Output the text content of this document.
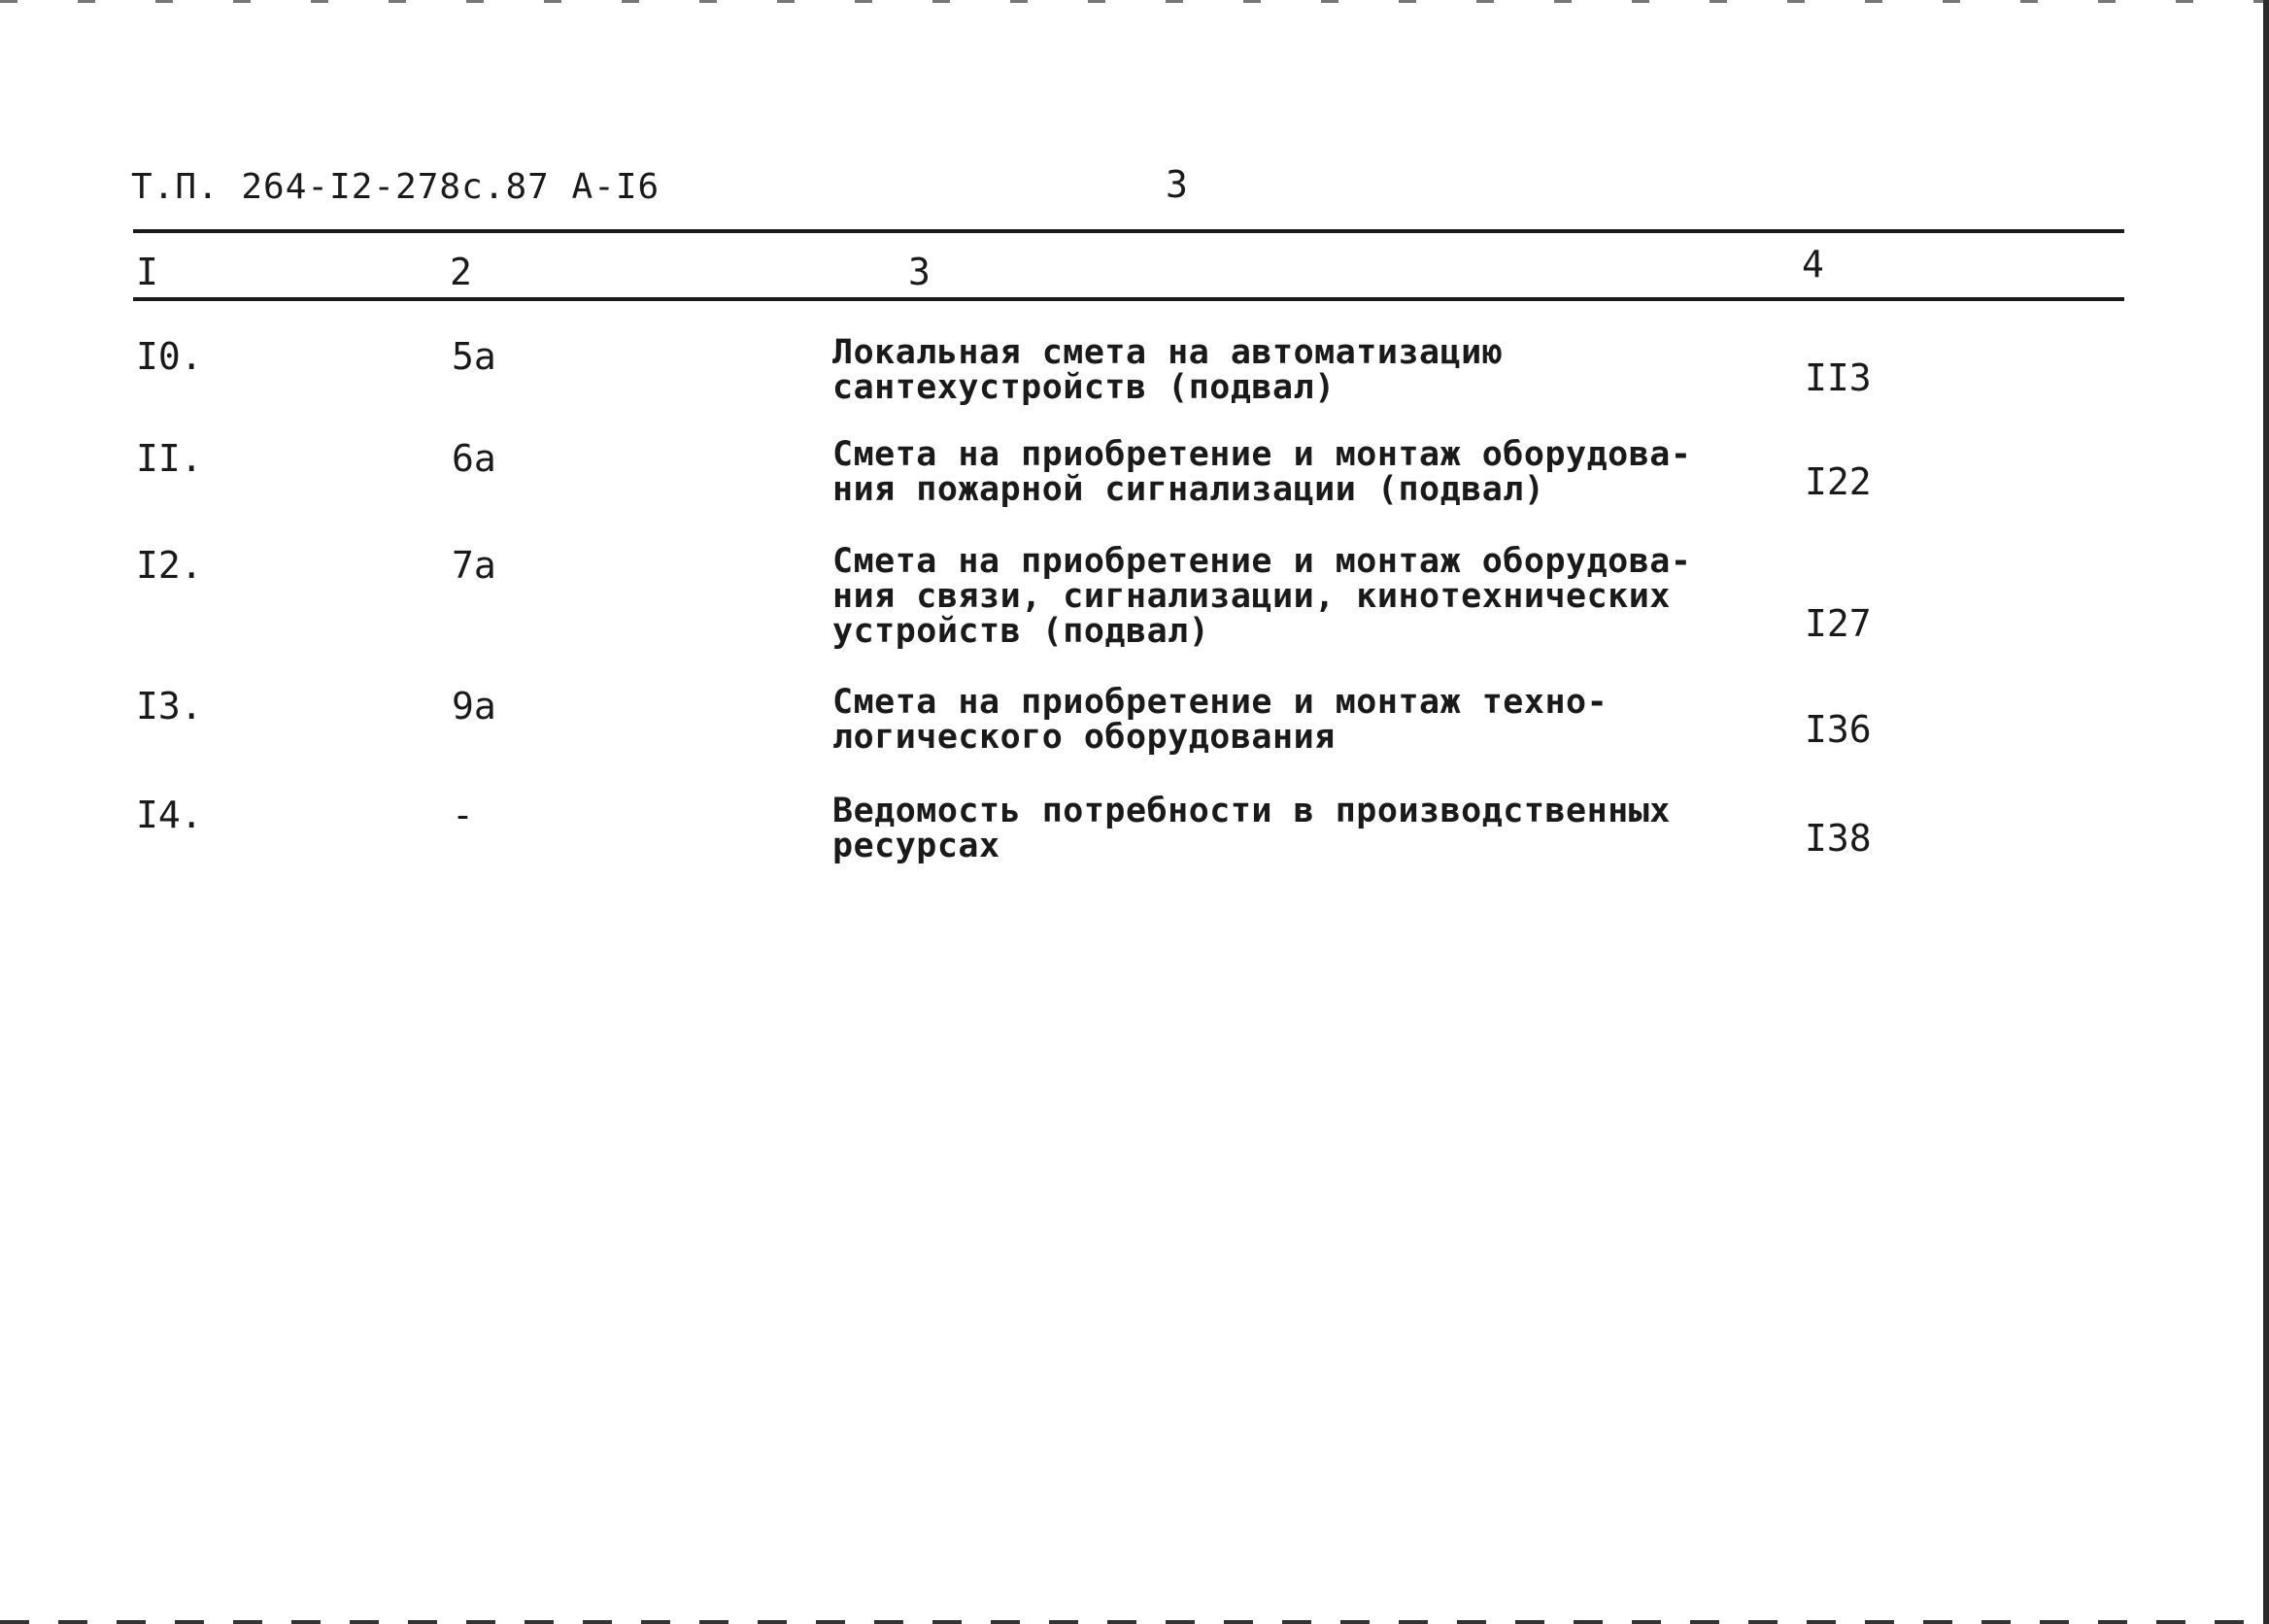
Т.П. 264-I2-278с.87 А-I6	3
I	2	3	4
I0.	5а	Локальная смета на автоматизацию
сантехустройств (подвал)	II3
II.	6а	Смета на приобретение и монтаж оборудова-
ния пожарной сигнализации (подвал)	I22
I2.	7а	Смета на приобретение и монтаж оборудова-
ния связи, сигнализации, кинотехнических
устройств (подвал)	I27
I3.	9а	Смета на приобретение и монтаж техно-
логического оборудования	I36
I4.	-	Ведомость потребности в производственных
ресурсах	I38
